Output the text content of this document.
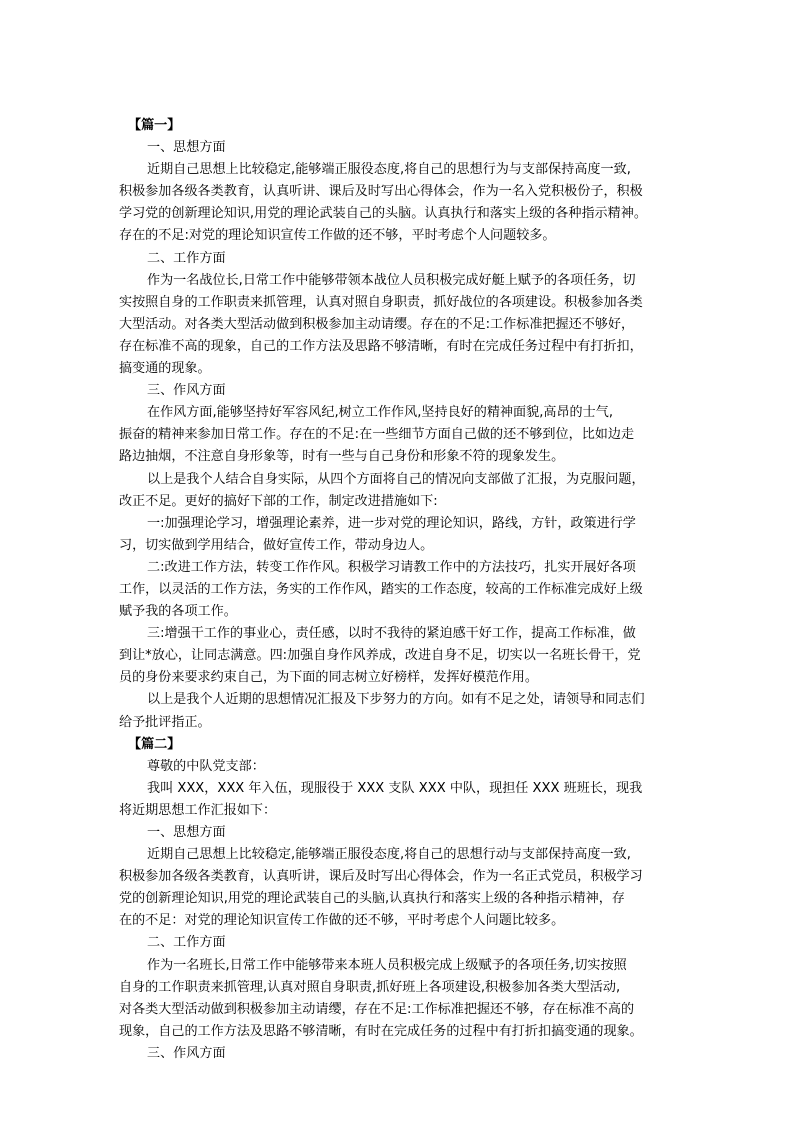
【篇一】
一、思想方面
近期自己思想上比较稳定,能够端正服役态度,将自己的思想行为与支部保持高度一致,
积极参加各级各类教育，认真听讲、课后及时写出心得体会，作为一名入党积极份子，积极
学习党的创新理论知识,用党的理论武装自己的头脑。认真执行和落实上级的各种指示精神。
存在的不足:对党的理论知识宣传工作做的还不够，平时考虑个人问题较多。
二、工作方面
作为一名战位长,日常工作中能够带领本战位人员积极完成好艇上赋予的各项任务，切
实按照自身的工作职责来抓管理，认真对照自身职责，抓好战位的各项建设。积极参加各类
大型活动。对各类大型活动做到积极参加主动请缨。存在的不足:工作标准把握还不够好，
存在标准不高的现象，自己的工作方法及思路不够清晰，有时在完成任务过程中有打折扣，
搞变通的现象。
三、作风方面
在作风方面,能够坚持好军容风纪,树立工作作风,坚持良好的精神面貌,高昂的士气,
振奋的精神来参加日常工作。存在的不足:在一些细节方面自己做的还不够到位，比如边走
路边抽烟，不注意自身形象等，时有一些与自己身份和形象不符的现象发生。
以上是我个人结合自身实际，从四个方面将自己的情况向支部做了汇报，为克服问题，
改正不足。更好的搞好下部的工作，制定改进措施如下:
一:加强理论学习，增强理论素养，进一步对党的理论知识，路线，方针，政策进行学
习，切实做到学用结合，做好宣传工作，带动身边人。
二:改进工作方法，转变工作作风。积极学习请教工作中的方法技巧，扎实开展好各项
工作，以灵活的工作方法，务实的工作作风，踏实的工作态度，较高的工作标准完成好上级
赋予我的各项工作。
三:增强干工作的事业心，责任感，以时不我待的紧迫感干好工作，提高工作标准，做
到让*放心，让同志满意。四:加强自身作风养成，改进自身不足，切实以一名班长骨干，党
员的身份来要求约束自己，为下面的同志树立好榜样，发挥好模范作用。
以上是我个人近期的思想情况汇报及下步努力的方向。如有不足之处，请领导和同志们
给予批评指正。
【篇二】
尊敬的中队党支部：
我叫 XXX，XXX 年入伍，现服役于 XXX 支队 XXX 中队，现担任 XXX 班班长，现我
将近期思想工作汇报如下：
一、思想方面
近期自己思想上比较稳定,能够端正服役态度,将自己的思想行动与支部保持高度一致,
积极参加各级各类教育，认真听讲，课后及时写出心得体会，作为一名正式党员，积极学习
党的创新理论知识,用党的理论武装自己的头脑,认真执行和落实上级的各种指示精神，存
在的不足：对党的理论知识宣传工作做的还不够，平时考虑个人问题比较多。
二、工作方面
作为一名班长,日常工作中能够带来本班人员积极完成上级赋予的各项任务,切实按照
自身的工作职责来抓管理,认真对照自身职责,抓好班上各项建设,积极参加各类大型活动,
对各类大型活动做到积极参加主动请缨，存在不足:工作标准把握还不够，存在标准不高的
现象，自己的工作方法及思路不够清晰，有时在完成任务的过程中有打折扣搞变通的现象。
三、作风方面
